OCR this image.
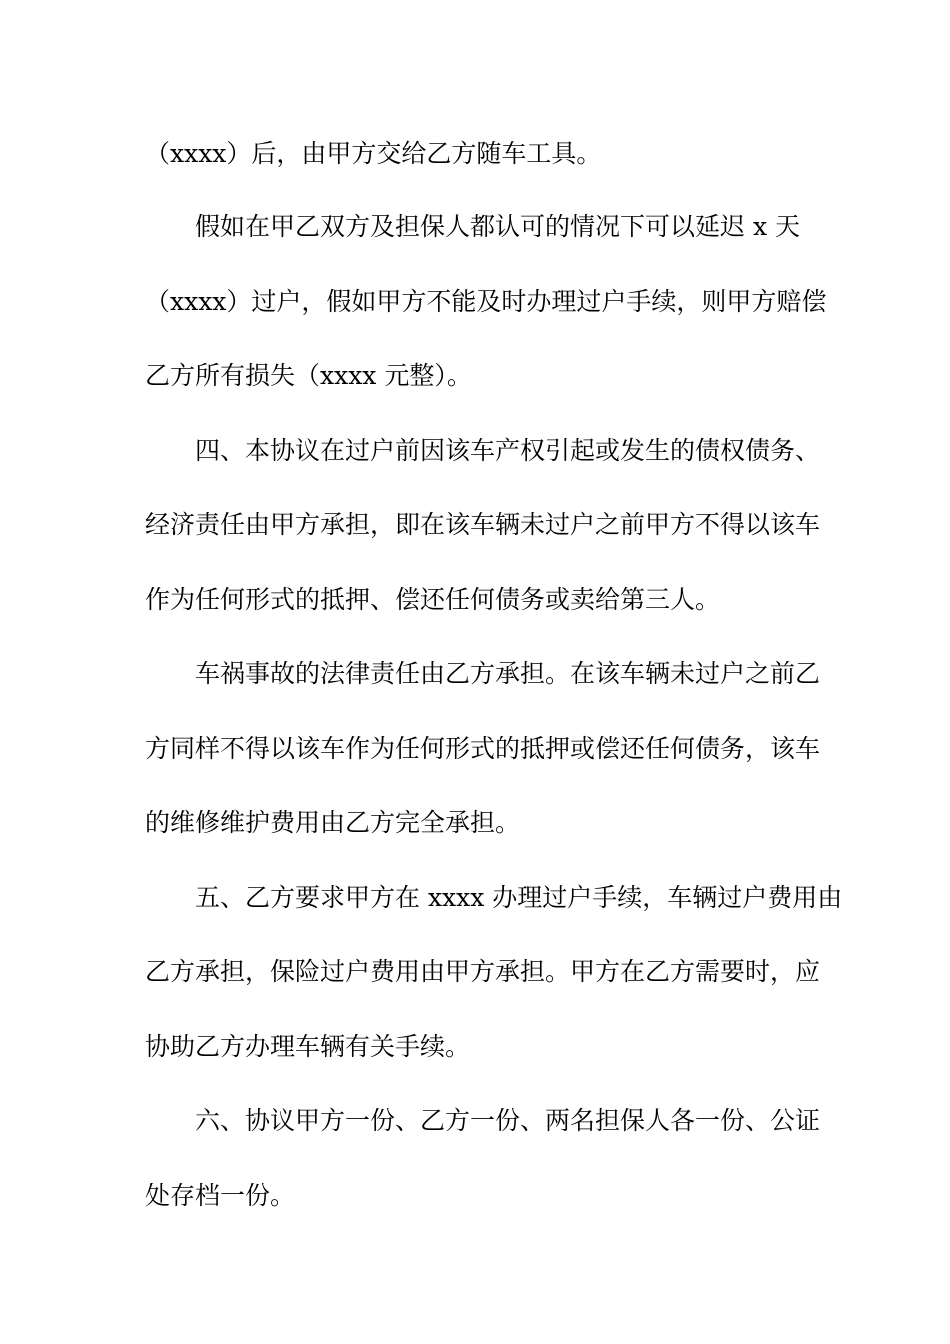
（xxxx）后，由甲方交给乙方随车工具。
假如在甲乙双方及担保人都认可的情况下可以延迟 x 天
（xxxx）过户，假如甲方不能及时办理过户手续，则甲方赔偿
乙方所有损失（xxxx 元整）。
四、本协议在过户前因该车产权引起或发生的债权债务、
经济责任由甲方承担，即在该车辆未过户之前甲方不得以该车
作为任何形式的抵押、偿还任何债务或卖给第三人。
车祸事故的法律责任由乙方承担。在该车辆未过户之前乙
方同样不得以该车作为任何形式的抵押或偿还任何债务，该车
的维修维护费用由乙方完全承担。
五、乙方要求甲方在 xxxx 办理过户手续，车辆过户费用由
乙方承担，保险过户费用由甲方承担。甲方在乙方需要时，应
协助乙方办理车辆有关手续。
六、协议甲方一份、乙方一份、两名担保人各一份、公证
处存档一份。
